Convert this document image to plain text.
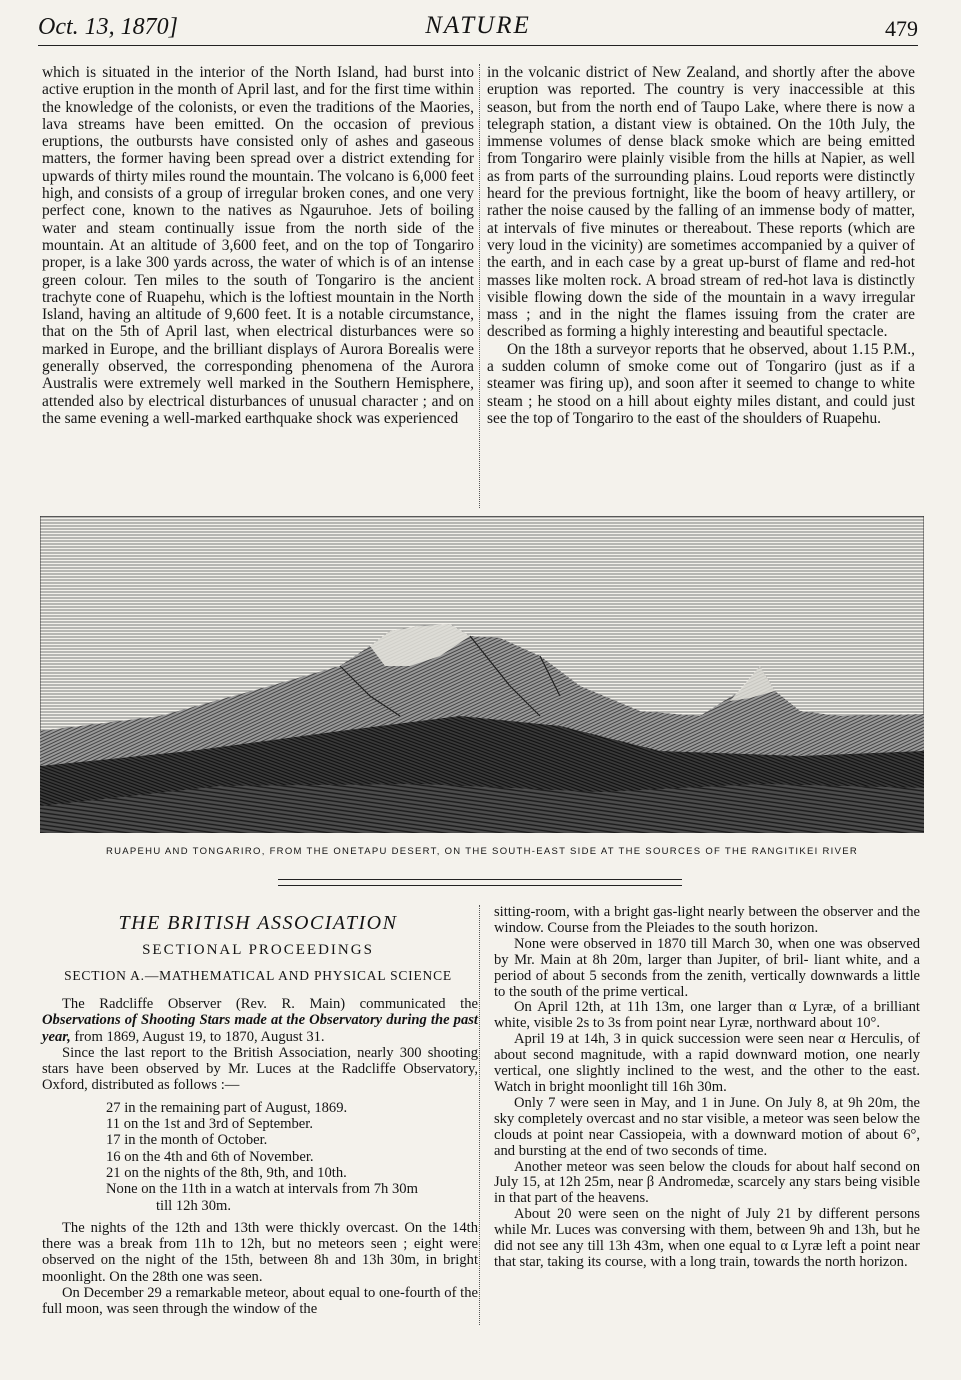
Oct. 13, 1870]	NATURE	479

which is situated in the interior of the North Island, had burst into active eruption in the month of April last, and for the first time within the knowledge of the colonists, or even the traditions of the Maories, lava streams have been emitted. On the occasion of previous eruptions, the outbursts have consisted only of ashes and gaseous matters, the former having been spread over a district extending for upwards of thirty miles round the mountain. The volcano is 6,000 feet high, and consists of a group of irregular broken cones, and one very perfect cone, known to the natives as Ngauruhoe. Jets of boiling water and steam continually issue from the north side of the mountain. At an altitude of 3,600 feet, and on the top of Tongariro proper, is a lake 300 yards across, the water of which is of an intense green colour. Ten miles to the south of Tongariro is the ancient trachyte cone of Ruapehu, which is the loftiest mountain in the North Island, having an altitude of 9,600 feet. It is a notable circumstance, that on the 5th of April last, when electrical disturbances were so marked in Europe, and the brilliant displays of Aurora Borealis were generally observed, the corresponding phenomena of the Aurora Australis were extremely well marked in the Southern Hemisphere, attended also by electrical disturbances of unusual character ; and on the same evening a well-marked earthquake shock was experienced

in the volcanic district of New Zealand, and shortly after the above eruption was reported. The country is very inaccessible at this season, but from the north end of Taupo Lake, where there is now a telegraph station, a distant view is obtained. On the 10th July, the immense volumes of dense black smoke which are being emitted from Tongariro were plainly visible from the hills at Napier, as well as from parts of the surrounding plains. Loud reports were distinctly heard for the previous fortnight, like the boom of heavy artillery, or rather the noise caused by the falling of an immense body of matter, at intervals of five minutes or thereabout. These reports (which are very loud in the vicinity) are sometimes accompanied by a quiver of the earth, and in each case by a great up-burst of flame and red-hot masses like molten rock. A broad stream of red-hot lava is distinctly visible flowing down the side of the mountain in a wavy irregular mass ; and in the night the flames issuing from the crater are described as forming a highly interesting and beautiful spectacle.

On the 18th a surveyor reports that he observed, about 1.15 P.M., a sudden column of smoke come out of Tongariro (just as if a steamer was firing up), and soon after it seemed to change to white steam ; he stood on a hill about eighty miles distant, and could just see the top of Tongariro to the east of the shoulders of Ruapehu.

RUAPEHU AND TONGARIRO, FROM THE ONETAPU DESERT, ON THE SOUTH-EAST SIDE AT THE SOURCES OF THE RANGITIKEI RIVER
THE BRITISH ASSOCIATION
SECTIONAL PROCEEDINGS
SECTION A.—MATHEMATICAL AND PHYSICAL SCIENCE

The Radcliffe Observer (Rev. R. Main) communicated the Observations of Shooting Stars made at the Observatory during the past year, from 1869, August 19, to 1870, August 31.

Since the last report to the British Association, nearly 300 shooting stars have been observed by Mr. Luces at the Radcliffe Observatory, Oxford, distributed as follows :—

27 in the remaining part of August, 1869.
11 on the 1st and 3rd of September.
17 in the month of October.
16 on the 4th and 6th of November.
21 on the nights of the 8th, 9th, and 10th.
None on the 11th in a watch at intervals from 7h 30m
till 12h 30m.

The nights of the 12th and 13th were thickly overcast. On the 14th there was a break from 11h to 12h, but no meteors seen ; eight were observed on the night of the 15th, between 8h and 13h 30m, in bright moonlight. On the 28th one was seen.

On December 29 a remarkable meteor, about equal to one-fourth of the full moon, was seen through the window of the

sitting-room, with a bright gas-light nearly between the observer and the window. Course from the Pleiades to the south horizon.

None were observed in 1870 till March 30, when one was observed by Mr. Main at 8h 20m, larger than Jupiter, of bril- liant white, and a period of about 5 seconds from the zenith, vertically downwards a little to the south of the prime vertical.

On April 12th, at 11h 13m, one larger than α Lyræ, of a brilliant white, visible 2s to 3s from point near Lyræ, northward about 10°.

April 19 at 14h, 3 in quick succession were seen near α Herculis, of about second magnitude, with a rapid downward motion, one nearly vertical, one slightly inclined to the west, and the other to the east. Watch in bright moonlight till 16h 30m.

Only 7 were seen in May, and 1 in June. On July 8, at 9h 20m, the sky completely overcast and no star visible, a meteor was seen below the clouds at point near Cassiopeia, with a downward motion of about 6°, and bursting at the end of two seconds of time.

Another meteor was seen below the clouds for about half second on July 15, at 12h 25m, near β Andromedæ, scarcely any stars being visible in that part of the heavens.

About 20 were seen on the night of July 21 by different persons while Mr. Luces was conversing with them, between 9h and 13h, but he did not see any till 13h 43m, when one equal to α Lyræ left a point near that star, taking its course, with a long train, towards the north horizon.
